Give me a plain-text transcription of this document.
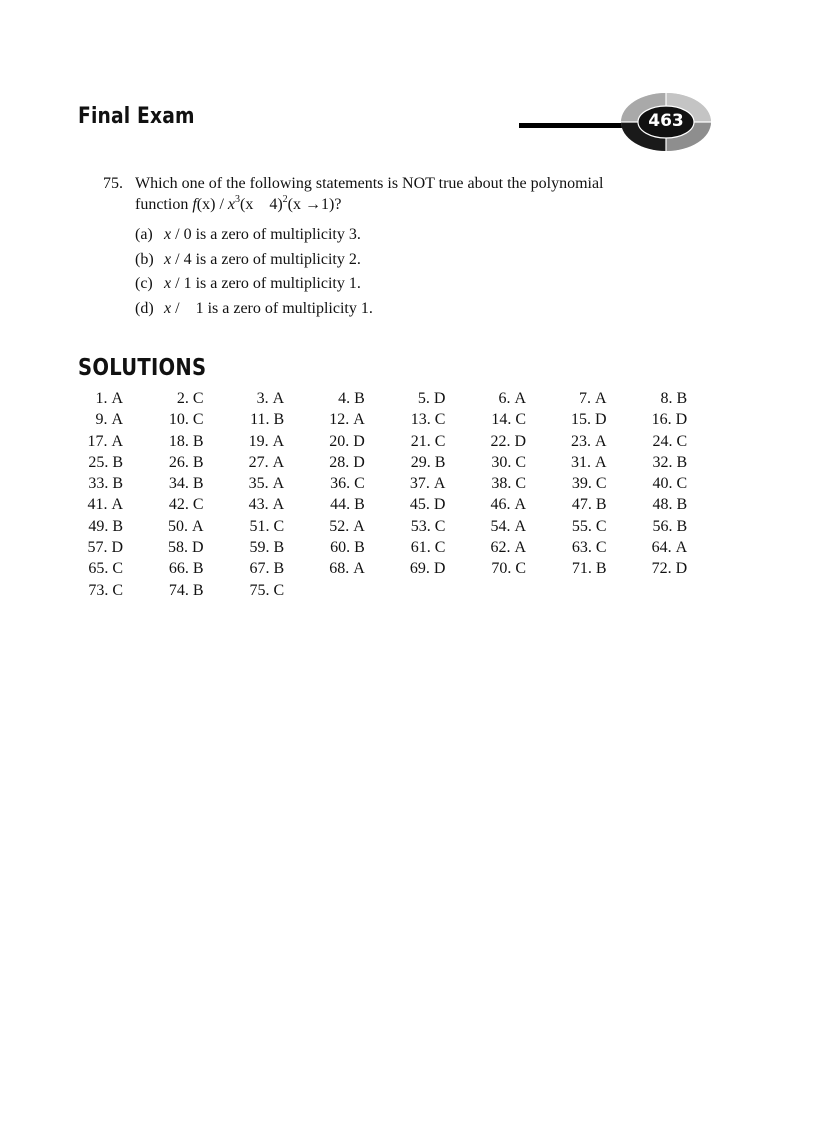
Final Exam	463
75. Which one of the following statements is NOT true about the polynomial
function $f(x) / x^3(x$ 4)$^2$(x →1)?
(a) x / 0 is a zero of multiplicity 3.
(b) x / 4 is a zero of multiplicity 2.
(c) x / 1 is a zero of multiplicity 1.
(d) x / 1 is a zero of multiplicity 1.
SOLUTIONS
1. A	2. C	3. A	4. B	5. D	6. A	7. A	8. B
9. A	10. C	11. B	12. A	13. C	14. C	15. D	16. D
17. A	18. B	19. A	20. D	21. C	22. D	23. A	24. C
25. B	26. B	27. A	28. D	29. B	30. C	31. A	32. B
33. B	34. B	35. A	36. C	37. A	38. C	39. C	40. C
41. A	42. C	43. A	44. B	45. D	46. A	47. B	48. B
49. B	50. A	51. C	52. A	53. C	54. A	55. C	56. B
57. D	58. D	59. B	60. B	61. C	62. A	63. C	64. A
65. C	66. B	67. B	68. A	69. D	70. C	71. B	72. D
73. C	74. B	75. C
